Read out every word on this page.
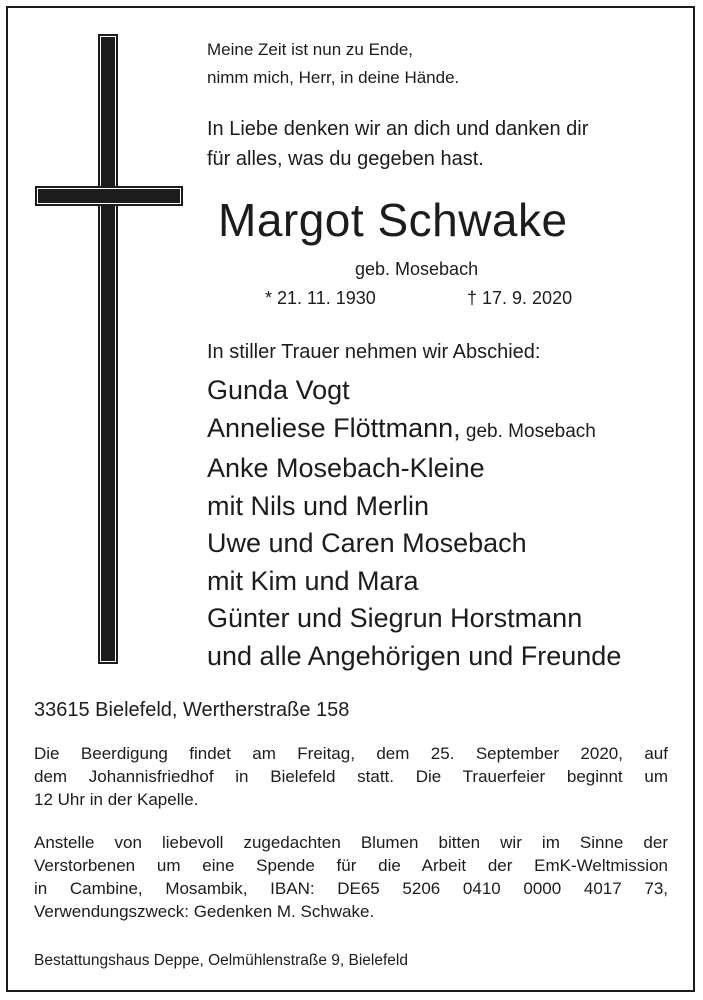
Meine Zeit ist nun zu Ende,
nimm mich, Herr, in deine Hände.
In Liebe denken wir an dich und danken dir
für alles, was du gegeben hast.
Margot Schwake
geb. Mosebach
* 21. 11. 1930	† 17. 9. 2020
In stiller Trauer nehmen wir Abschied:
Gunda Vogt
Anneliese Flöttmann, geb. Mosebach
Anke Mosebach-Kleine
mit Nils und Merlin
Uwe und Caren Mosebach
mit Kim und Mara
Günter und Siegrun Horstmann
und alle Angehörigen und Freunde
33615 Bielefeld, Wertherstraße 158

Die Beerdigung findet am Freitag, dem 25. September 2020, auf
dem Johannisfriedhof in Bielefeld statt. Die Trauerfeier beginnt um
12 Uhr in der Kapelle.

Anstelle von liebevoll zugedachten Blumen bitten wir im Sinne der
Verstorbenen um eine Spende für die Arbeit der EmK-Weltmission
in Cambine, Mosambik, IBAN: DE65 5206 0410 0000 4017 73,
Verwendungszweck: Gedenken M. Schwake.

Bestattungshaus Deppe, Oelmühlenstraße 9, Bielefeld
